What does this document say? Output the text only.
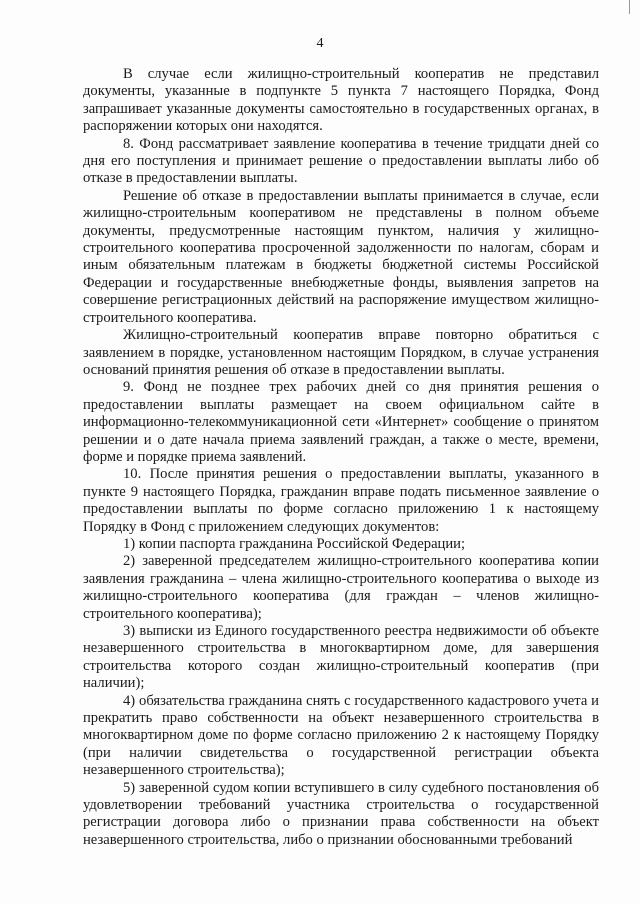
4

В случае если жилищно-строительный кооператив не представил документы, указанные в подпункте 5 пункта 7 настоящего Порядка, Фонд запрашивает указанные документы самостоятельно в государственных органах, в распоряжении которых они находятся.

8. Фонд рассматривает заявление кооператива в течение тридцати дней со дня его поступления и принимает решение о предоставлении выплаты либо об отказе в предоставлении выплаты.

Решение об отказе в предоставлении выплаты принимается в случае, если жилищно-строительным кооперативом не представлены в полном объеме документы, предусмотренные настоящим пунктом, наличия у жилищно-строительного кооператива просроченной задолженности по налогам, сборам и иным обязательным платежам в бюджеты бюджетной системы Российской Федерации и государственные внебюджетные фонды, выявления запретов на совершение регистрационных действий на распоряжение имуществом жилищно-строительного кооператива.

Жилищно-строительный кооператив вправе повторно обратиться с заявлением в порядке, установленном настоящим Порядком, в случае устранения оснований принятия решения об отказе в предоставлении выплаты.

9. Фонд не позднее трех рабочих дней со дня принятия решения о предоставлении выплаты размещает на своем официальном сайте в информационно-телекоммуникационной сети «Интернет» сообщение о принятом решении и о дате начала приема заявлений граждан, а также о месте, времени, форме и порядке приема заявлений.

10. После принятия решения о предоставлении выплаты, указанного в пункте 9 настоящего Порядка, гражданин вправе подать письменное заявление о предоставлении выплаты по форме согласно приложению 1 к настоящему Порядку в Фонд с приложением следующих документов:

1) копии паспорта гражданина Российской Федерации;

2) заверенной председателем жилищно-строительного кооператива копии заявления гражданина – члена жилищно-строительного кооператива о выходе из жилищно-строительного кооператива (для граждан – членов жилищно-строительного кооператива);

3) выписки из Единого государственного реестра недвижимости об объекте незавершенного строительства в многоквартирном доме, для завершения строительства которого создан жилищно-строительный кооператив (при наличии);

4) обязательства гражданина снять с государственного кадастрового учета и прекратить право собственности на объект незавершенного строительства в многоквартирном доме по форме согласно приложению 2 к настоящему Порядку (при наличии свидетельства о государственной регистрации объекта незавершенного строительства);

5) заверенной судом копии вступившего в силу судебного постановления об удовлетворении требований участника строительства о государственной регистрации договора либо о признании права собственности на объект незавершенного строительства, либо о признании обоснованными требований
